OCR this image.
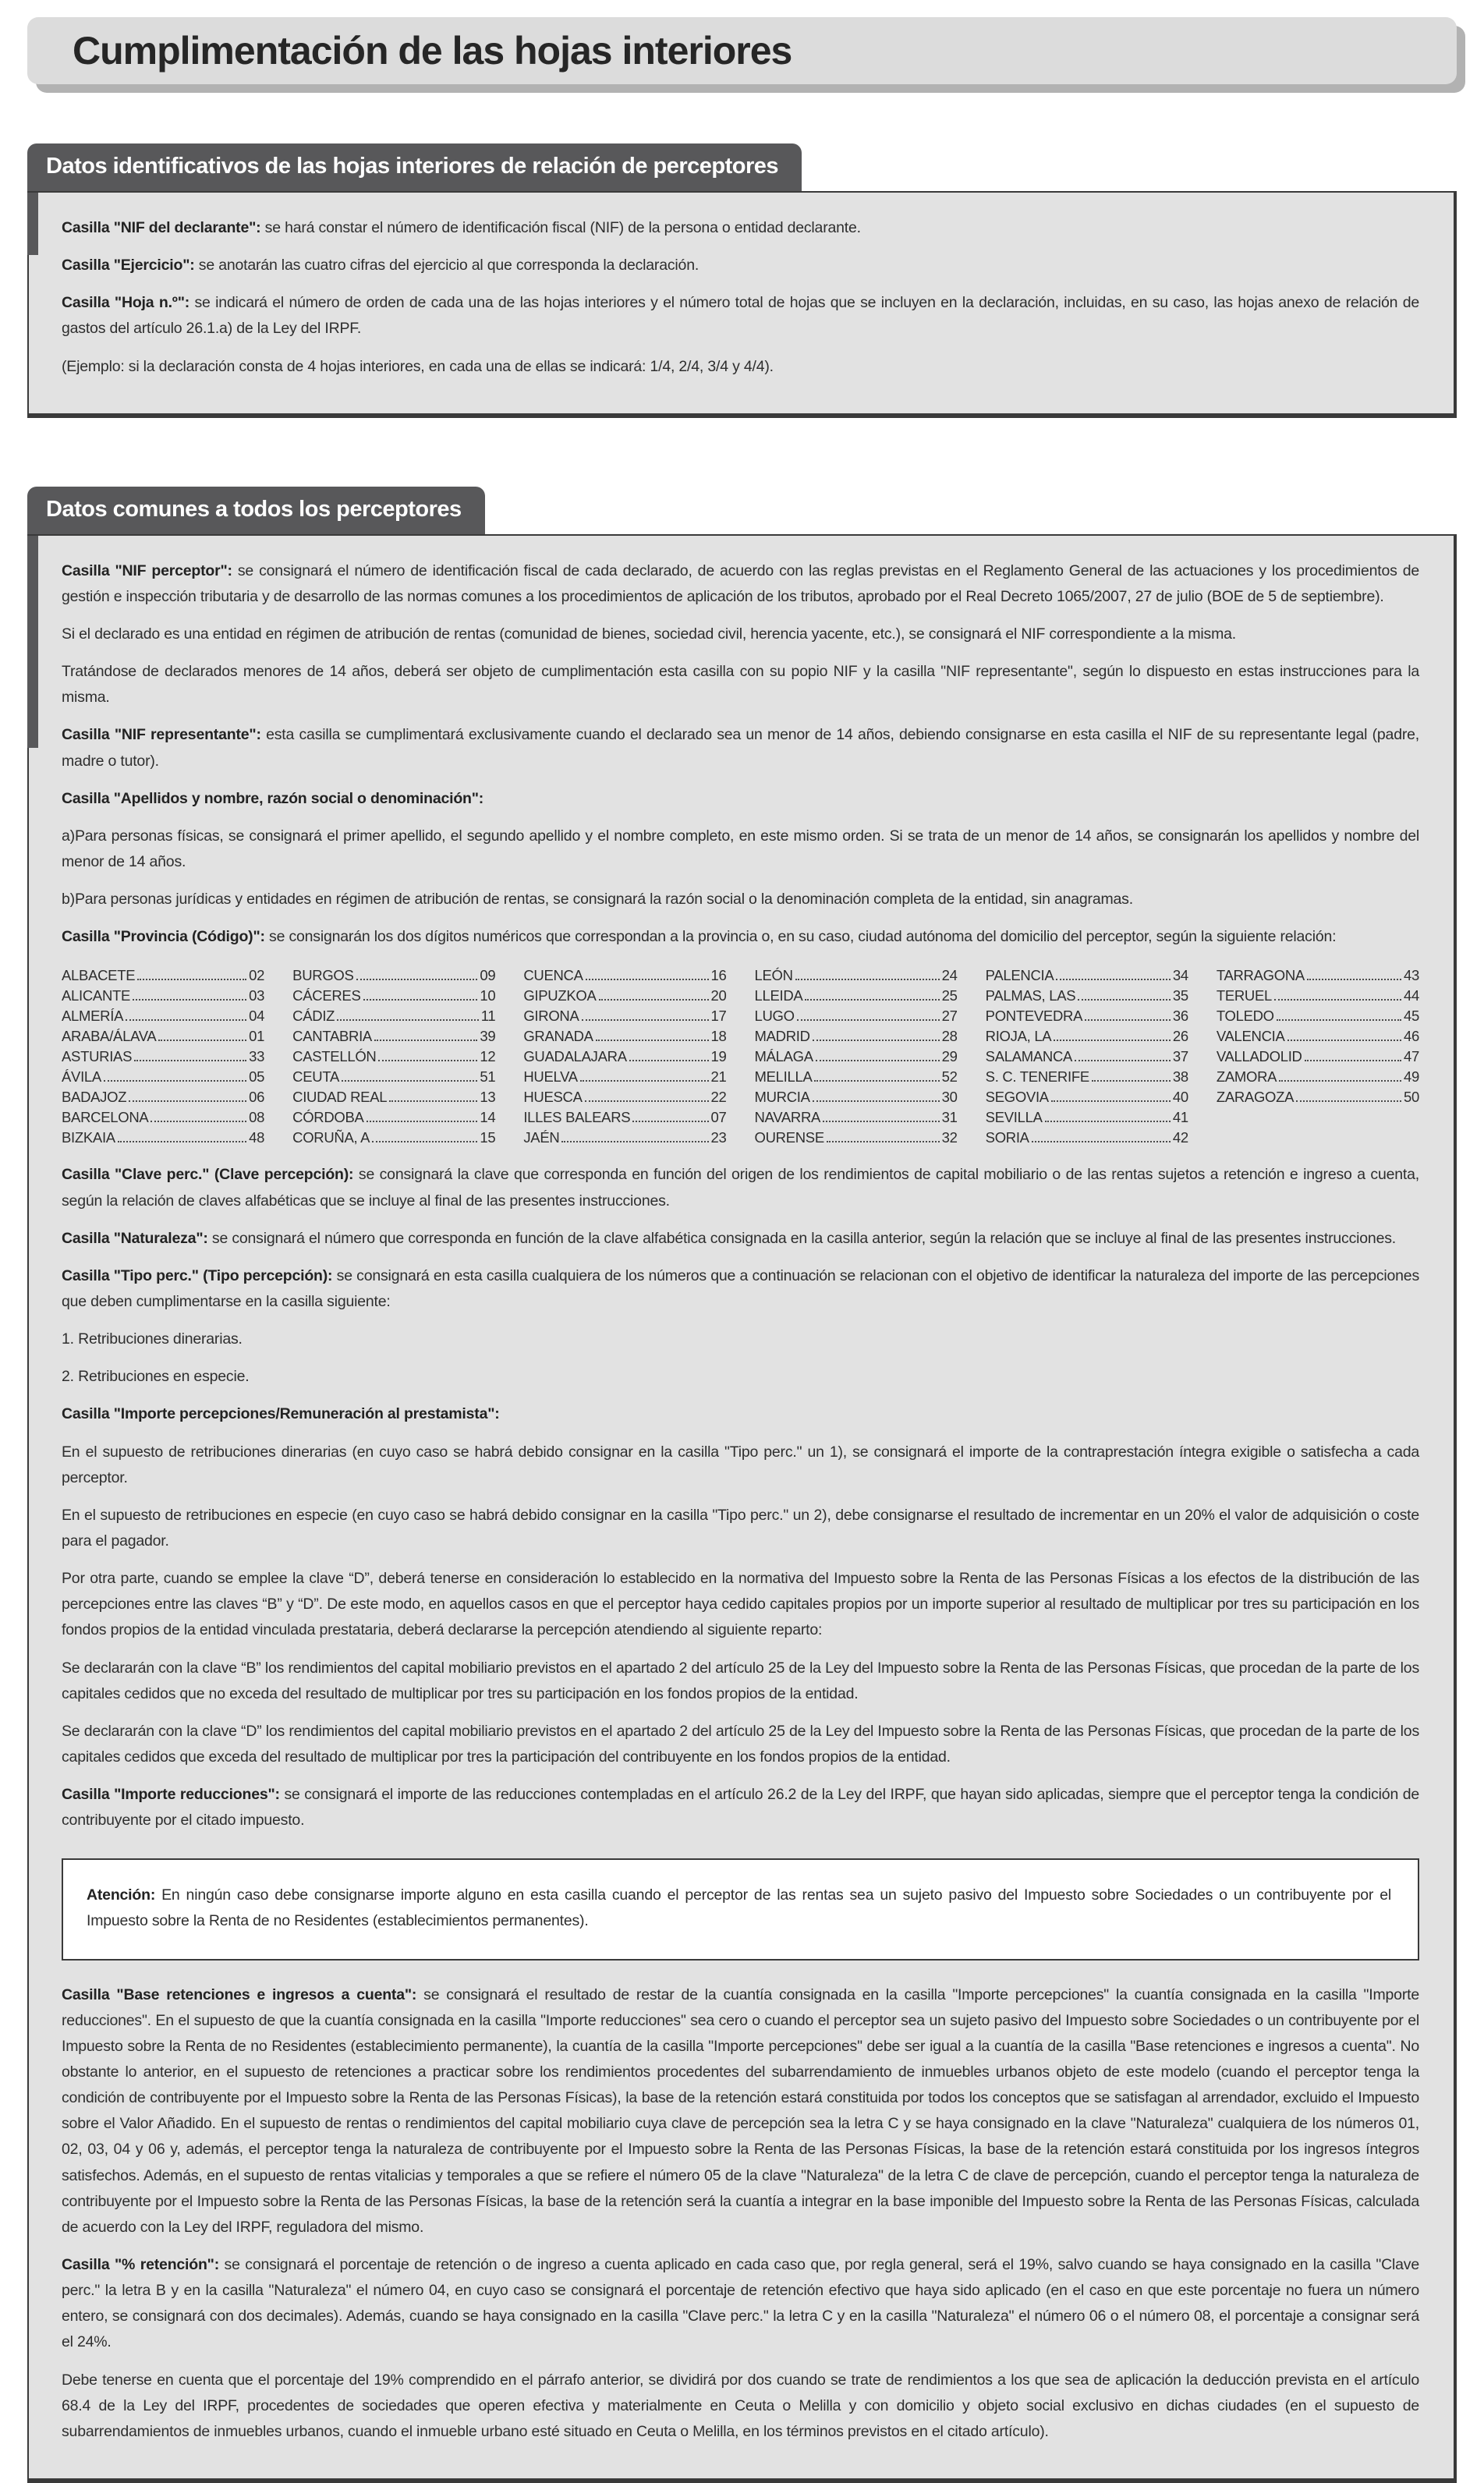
Cumplimentación de las hojas interiores
Datos identificativos de las hojas interiores de relación de perceptores

Casilla "NIF del declarante": se hará constar el número de identificación fiscal (NIF) de la persona o entidad declarante.

Casilla "Ejercicio": se anotarán las cuatro cifras del ejercicio al que corresponda la declaración.

Casilla "Hoja n.º": se indicará el número de orden de cada una de las hojas interiores y el número total de hojas que se incluyen en la declaración, incluidas, en su caso, las hojas anexo de relación de gastos del artículo 26.1.a) de la Ley del IRPF.

(Ejemplo: si la declaración consta de 4 hojas interiores, en cada una de ellas se indicará: 1/4, 2/4, 3/4 y 4/4).

Datos comunes a todos los perceptores

Casilla "NIF perceptor": se consignará el número de identificación fiscal de cada declarado, de acuerdo con las reglas previstas en el Reglamento General de las actuaciones y los procedimientos de gestión e inspección tributaria y de desarrollo de las normas comunes a los procedimientos de aplicación de los tributos, aprobado por el Real Decreto 1065/2007, 27 de julio (BOE de 5 de septiembre).

Si el declarado es una entidad en régimen de atribución de rentas (comunidad de bienes, sociedad civil, herencia yacente, etc.), se consignará el NIF correspondiente a la misma.

Tratándose de declarados menores de 14 años, deberá ser objeto de cumplimentación esta casilla con su popio NIF y la casilla "NIF representante", según lo dispuesto en estas instrucciones para la misma.

Casilla "NIF representante": esta casilla se cumplimentará exclusivamente cuando el declarado sea un menor de 14 años, debiendo consignarse en esta casilla el NIF de su representante legal (padre, madre o tutor).

Casilla "Apellidos y nombre, razón social o denominación":

a)Para personas físicas, se consignará el primer apellido, el segundo apellido y el nombre completo, en este mismo orden. Si se trata de un menor de 14 años, se consignarán los apellidos y nombre del menor de 14 años.

b)Para personas jurídicas y entidades en régimen de atribución de rentas, se consignará la razón social o la denominación completa de la entidad, sin anagramas.

Casilla "Provincia (Código)": se consignarán los dos dígitos numéricos que correspondan a la provincia o, en su caso, ciudad autónoma del domicilio del perceptor, según la siguiente relación:

ALBACETE	02
ALICANTE	03
ALMERÍA	04
ARABA/ÁLAVA	01
ASTURIAS	33
ÁVILA	05
BADAJOZ	06
BARCELONA	08
BIZKAIA	48
BURGOS	09
CÁCERES	10
CÁDIZ	11
CANTABRIA	39
CASTELLÓN	12
CEUTA	51
CIUDAD REAL	13
CÓRDOBA	14
CORUÑA, A	15
CUENCA	16
GIPUZKOA	20
GIRONA	17
GRANADA	18
GUADALAJARA	19
HUELVA	21
HUESCA	22
ILLES BALEARS	07
JAÉN	23
LEÓN	24
LLEIDA	25
LUGO	27
MADRID	28
MÁLAGA	29
MELILLA	52
MURCIA	30
NAVARRA	31
OURENSE	32
PALENCIA	34
PALMAS, LAS	35
PONTEVEDRA	36
RIOJA, LA	26
SALAMANCA	37
S. C. TENERIFE	38
SEGOVIA	40
SEVILLA	41
SORIA	42
TARRAGONA	43
TERUEL	44
TOLEDO	45
VALENCIA	46
VALLADOLID	47
ZAMORA	49
ZARAGOZA	50

Casilla "Clave perc." (Clave percepción): se consignará la clave que corresponda en función del origen de los rendimientos de capital mobiliario o de las rentas sujetos a retención e ingreso a cuenta, según la relación de claves alfabéticas que se incluye al final de las presentes instrucciones.

Casilla "Naturaleza": se consignará el número que corresponda en función de la clave alfabética consignada en la casilla anterior, según la relación que se incluye al final de las presentes instrucciones.

Casilla "Tipo perc." (Tipo percepción): se consignará en esta casilla cualquiera de los números que a continuación se relacionan con el objetivo de identificar la naturaleza del importe de las percepciones que deben cumplimentarse en la casilla siguiente:

1. Retribuciones dinerarias.

2. Retribuciones en especie.

Casilla "Importe percepciones/Remuneración al prestamista":

En el supuesto de retribuciones dinerarias (en cuyo caso se habrá debido consignar en la casilla "Tipo perc." un 1), se consignará el importe de la contraprestación íntegra exigible o satisfecha a cada perceptor.

En el supuesto de retribuciones en especie (en cuyo caso se habrá debido consignar en la casilla "Tipo perc." un 2), debe consignarse el resultado de incrementar en un 20% el valor de adquisición o coste para el pagador.

Por otra parte, cuando se emplee la clave “D”, deberá tenerse en consideración lo establecido en la normativa del Impuesto sobre la Renta de las Personas Físicas a los efectos de la distribución de las percepciones entre las claves “B” y “D”. De este modo, en aquellos casos en que el perceptor haya cedido capitales propios por un importe superior al resultado de multiplicar por tres su participación en los fondos propios de la entidad vinculada prestataria, deberá declararse la percepción atendiendo al siguiente reparto:

Se declararán con la clave “B” los rendimientos del capital mobiliario previstos en el apartado 2 del artículo 25 de la Ley del Impuesto sobre la Renta de las Personas Físicas, que procedan de la parte de los capitales cedidos que no exceda del resultado de multiplicar por tres su participación en los fondos propios de la entidad.

Se declararán con la clave “D” los rendimientos del capital mobiliario previstos en el apartado 2 del artículo 25 de la Ley del Impuesto sobre la Renta de las Personas Físicas, que procedan de la parte de los capitales cedidos que exceda del resultado de multiplicar por tres la participación del contribuyente en los fondos propios de la entidad.

Casilla "Importe reducciones": se consignará el importe de las reducciones contempladas en el artículo 26.2 de la Ley del IRPF, que hayan sido aplicadas, siempre que el perceptor tenga la condición de contribuyente por el citado impuesto.

Atención: En ningún caso debe consignarse importe alguno en esta casilla cuando el perceptor de las rentas sea un sujeto pasivo del Impuesto sobre Sociedades o un contribuyente por el Impuesto sobre la Renta de no Residentes (establecimientos permanentes).

Casilla "Base retenciones e ingresos a cuenta": se consignará el resultado de restar de la cuantía consignada en la casilla "Importe percepciones" la cuantía consignada en la casilla "Importe reducciones". En el supuesto de que la cuantía consignada en la casilla "Importe reducciones" sea cero o cuando el perceptor sea un sujeto pasivo del Impuesto sobre Sociedades o un contribuyente por el Impuesto sobre la Renta de no Residentes (establecimiento permanente), la cuantía de la casilla "Importe percepciones" debe ser igual a la cuantía de la casilla "Base retenciones e ingresos a cuenta". No obstante lo anterior, en el supuesto de retenciones a practicar sobre los rendimientos procedentes del subarrendamiento de inmuebles urbanos objeto de este modelo (cuando el perceptor tenga la condición de contribuyente por el Impuesto sobre la Renta de las Personas Físicas), la base de la retención estará constituida por todos los conceptos que se satisfagan al arrendador, excluido el Impuesto sobre el Valor Añadido. En el supuesto de rentas o rendimientos del capital mobiliario cuya clave de percepción sea la letra C y se haya consignado en la clave "Naturaleza" cualquiera de los números 01, 02, 03, 04 y 06 y, además, el perceptor tenga la naturaleza de contribuyente por el Impuesto sobre la Renta de las Personas Físicas, la base de la retención estará constituida por los ingresos íntegros satisfechos. Además, en el supuesto de rentas vitalicias y temporales a que se refiere el número 05 de la clave "Naturaleza" de la letra C de clave de percepción, cuando el perceptor tenga la naturaleza de contribuyente por el Impuesto sobre la Renta de las Personas Físicas, la base de la retención será la cuantía a integrar en la base imponible del Impuesto sobre la Renta de las Personas Físicas, calculada de acuerdo con la Ley del IRPF, reguladora del mismo.

Casilla "% retención": se consignará el porcentaje de retención o de ingreso a cuenta aplicado en cada caso que, por regla general, será el 19%, salvo cuando se haya consignado en la casilla "Clave perc." la letra B y en la casilla "Naturaleza" el número 04, en cuyo caso se consignará el porcentaje de retención efectivo que haya sido aplicado (en el caso en que este porcentaje no fuera un número entero, se consignará con dos decimales). Además, cuando se haya consignado en la casilla "Clave perc." la letra C y en la casilla "Naturaleza" el número 06 o el número 08, el porcentaje a consignar será el 24%.

Debe tenerse en cuenta que el porcentaje del 19% comprendido en el párrafo anterior, se dividirá por dos cuando se trate de rendimientos a los que sea de aplicación la deducción prevista en el artículo 68.4 de la Ley del IRPF, procedentes de sociedades que operen efectiva y materialmente en Ceuta o Melilla y con domicilio y objeto social exclusivo en dichas ciudades (en el supuesto de subarrendamientos de inmuebles urbanos, cuando el inmueble urbano esté situado en Ceuta o Melilla, en los términos previstos en el citado artículo).
